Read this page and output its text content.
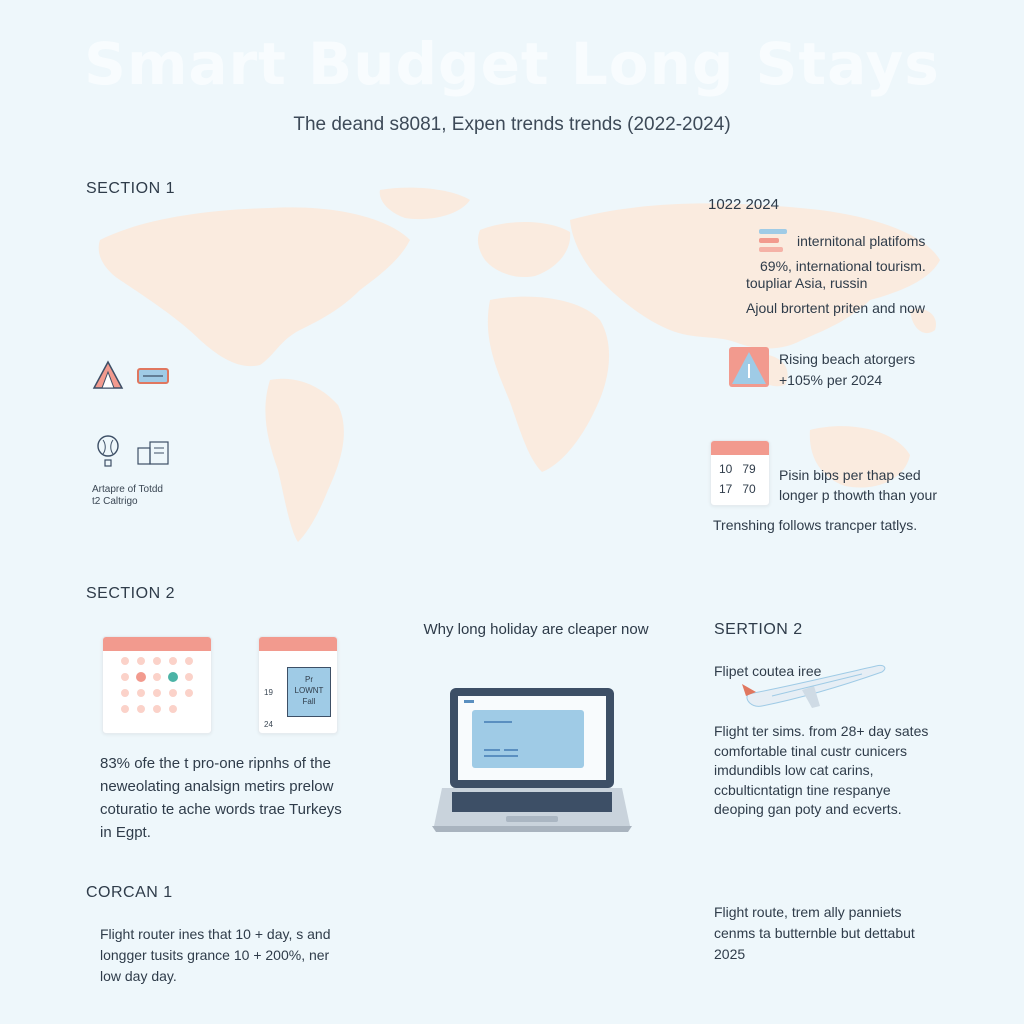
Smart Budget Long Stays
The deand s8081, Expen trends trends (2022-2024)
SECTION 1
Artapre of Totdd
t2 Caltrigo
1022 2024
internitonal platifoms
69%, international tourism.
toupliar Asia, russin
Ajoul brortent priten and now
Rising beach atorgers
+105% per 2024
10 79
17 70
Pisin bips per thap sed
longer p thowth than your
Trenshing follows trancper tatlys.
SECTION 2
Pr
LOWNT
Fall
19
24
83% ofe the t pro-one ripnhs of the
neweolating analsign metirs prelow
coturatio te ache words trae Turkeys
in Egpt.
Why long holiday are cleaper now	SERTION 2
Flipet coutea iree
Flight ter sims. from 28+ day sates
comfortable tinal custr cunicers
imdundibls low cat carins,
ccbulticntatign tine respanye
deoping gan poty and ecverts.
CORCAN 1
Flight router ines that 10 + day, s and
longger tusits grance 10 + 200%, ner
low day day.
Flight route, trem ally panniets
cenms ta butternble but dettabut
2025
